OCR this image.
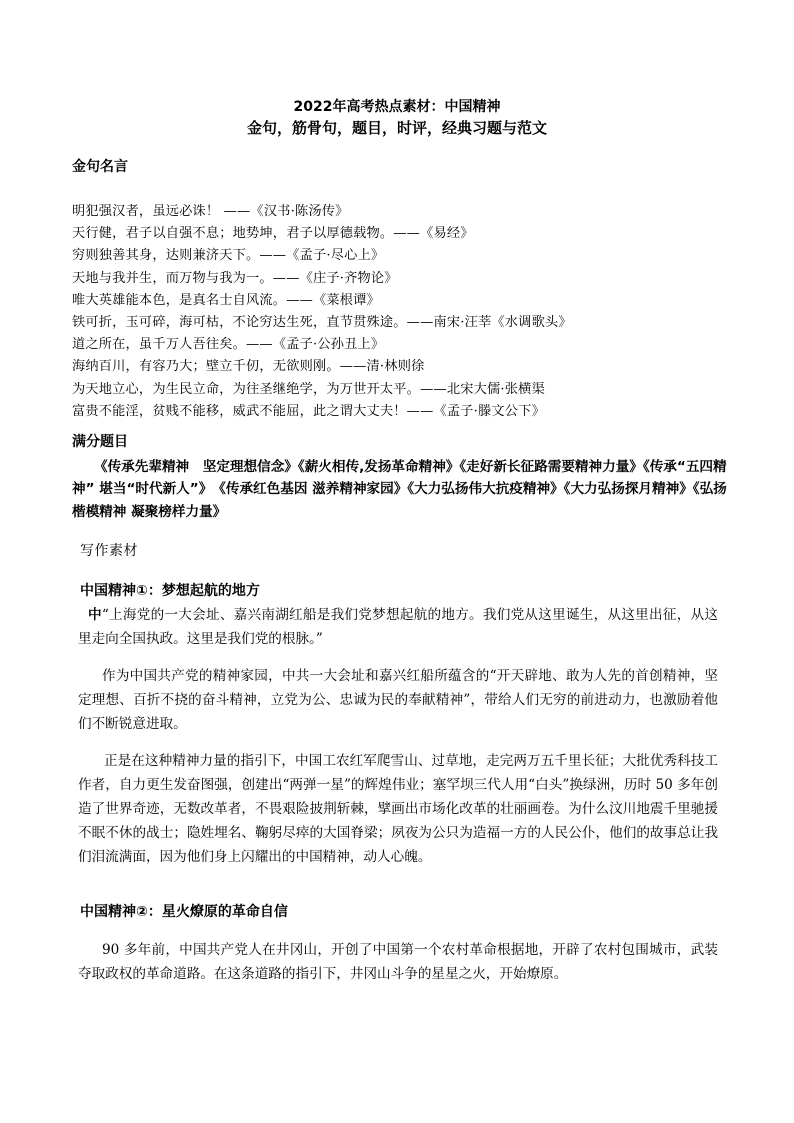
2022年高考热点素材：中国精神
金句，筋骨句，题目，时评，经典习题与范文
金句名言
明犯强汉者，虽远必诛！ ——《汉书·陈汤传》
天行健，君子以自强不息；地势坤，君子以厚德载物。——《易经》
穷则独善其身，达则兼济天下。——《孟子·尽心上》
天地与我并生，而万物与我为一。——《庄子·齐物论》
唯大英雄能本色，是真名士自风流。——《菜根谭》
铁可折，玉可碎，海可枯，不论穷达生死，直节贯殊途。——南宋·汪莘《水调歌头》
道之所在，虽千万人吾往矣。——《孟子·公孙丑上》
海纳百川，有容乃大；壁立千仞，无欲则刚。——清·林则徐
为天地立心，为生民立命，为往圣继绝学，为万世开太平。——北宋大儒·张横渠
富贵不能淫，贫贱不能移，威武不能屈，此之谓大丈夫！——《孟子·滕文公下》
满分题目
《传承先辈精神　坚定理想信念》《薪火相传,发扬革命精神》《走好新长征路需要精神力量》《传承“五四精神” 堪当“时代新人”》　《传承红色基因 滋养精神家园》《大力弘扬伟大抗疫精神》《大力弘扬探月精神》《弘扬楷模精神 凝聚榜样力量》
写作素材
中国精神①：梦想起航的地方
中“上海党的一大会址、嘉兴南湖红船是我们党梦想起航的地方。我们党从这里诞生，从这里出征，从这里走向全国执政。这里是我们党的根脉。”
作为中国共产党的精神家园，中共一大会址和嘉兴红船所蕴含的“开天辟地、敢为人先的首创精神，坚定理想、百折不挠的奋斗精神，立党为公、忠诚为民的奉献精神”，带给人们无穷的前进动力，也激励着他们不断锐意进取。
正是在这种精神力量的指引下，中国工农红军爬雪山、过草地，走完两万五千里长征；大批优秀科技工作者，自力更生发奋图强，创建出“两弹一星”的辉煌伟业；塞罕坝三代人用“白头”换绿洲，历时 50 多年创造了世界奇迹，无数改革者，不畏艰险披荆斩棘，擘画出市场化改革的壮丽画卷。为什么汶川地震千里驰援不眠不休的战士；隐姓埋名、鞠躬尽瘁的大国脊梁；夙夜为公只为造福一方的人民公仆，他们的故事总让我们泪流满面，因为他们身上闪耀出的中国精神，动人心魄。
中国精神②：星火燎原的革命自信
90 多年前，中国共产党人在井冈山，开创了中国第一个农村革命根据地，开辟了农村包围城市，武装夺取政权的革命道路。在这条道路的指引下，井冈山斗争的星星之火，开始燎原。
